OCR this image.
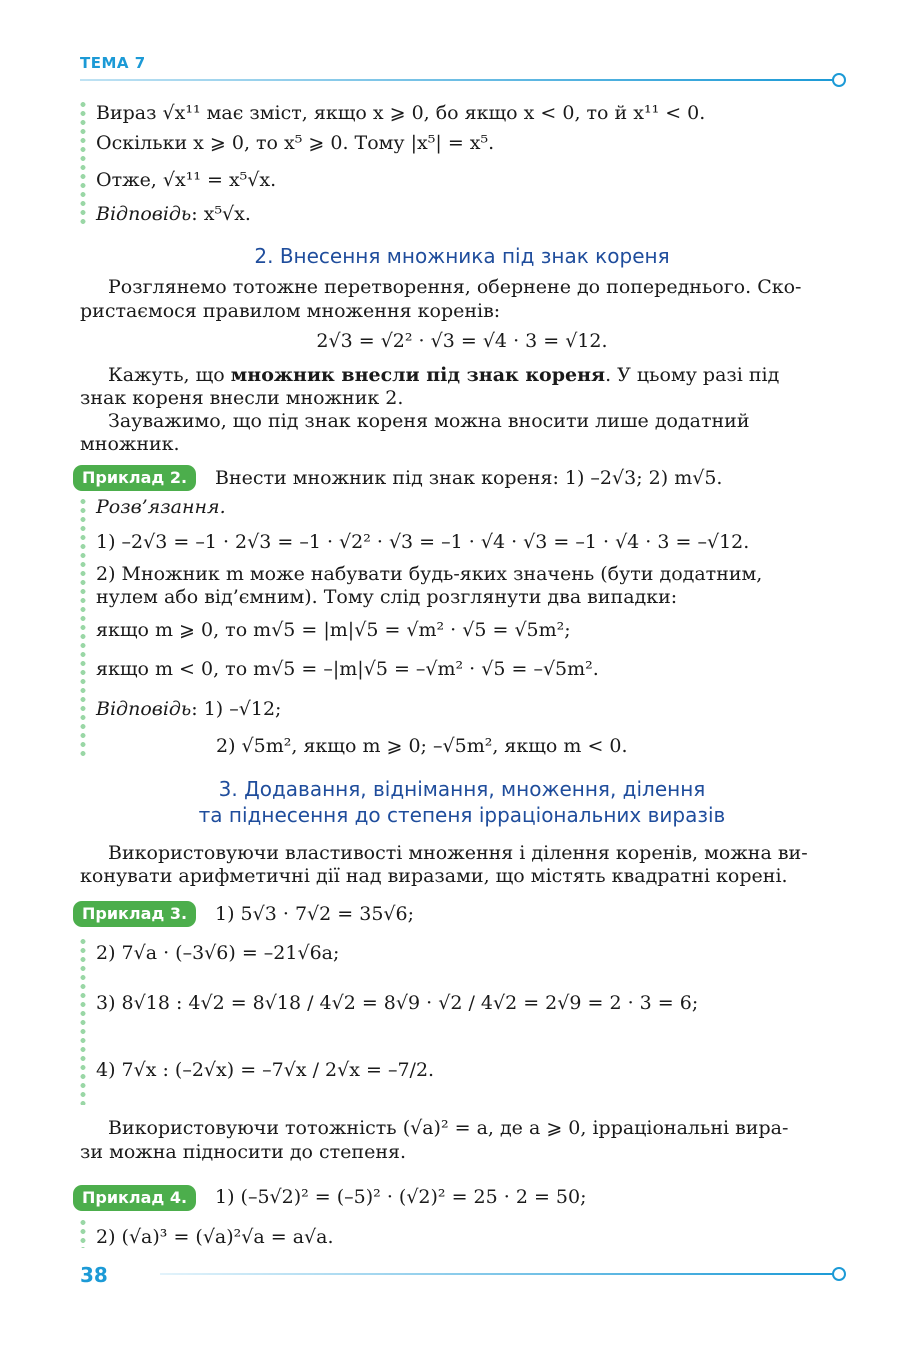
ТЕМА 7
Вираз √x¹¹ має зміст, якщо x ⩾ 0, бо якщо x < 0, то й x¹¹ < 0.
Оскільки x ⩾ 0, то x⁵ ⩾ 0. Тому |x⁵| = x⁵.
Отже, √x¹¹ = x⁵√x.
Відповідь: x⁵√x.
2. Внесення множника під знак кореня
Розглянемо тотожне перетворення, обернене до попереднього. Ско-
ристаємося правилом множення коренів:
2√3 = √2² · √3 = √4 · 3 = √12.
Кажуть, що множник внесли під знак кореня. У цьому разі під
знак кореня внесли множник 2.
Зауважимо, що під знак кореня можна вносити лише додатний
множник.
Приклад 2.	Внести множник під знак кореня: 1) –2√3; 2) m√5.
Розв’язання.
1) –2√3 = –1 · 2√3 = –1 · √2² · √3 = –1 · √4 · √3 = –1 · √4 · 3 = –√12.
2) Множник m може набувати будь-яких значень (бути додатним,
нулем або від’ємним). Тому слід розглянути два випадки:
якщо m ⩾ 0, то m√5 = |m|√5 = √m² · √5 = √5m²;
якщо m < 0, то m√5 = –|m|√5 = –√m² · √5 = –√5m².
Відповідь: 1) –√12;
2) √5m², якщо m ⩾ 0; –√5m², якщо m < 0.
3. Додавання, віднімання, множення, ділення
та піднесення до степеня ірраціональних виразів
Використовуючи властивості множення і ділення коренів, можна ви-
конувати арифметичні дії над виразами, що містять квадратні корені.
Приклад 3.	1) 5√3 · 7√2 = 35√6;
2) 7√a · (–3√6) = –21√6a;
3) 8√18 : 4√2 = 8√18 / 4√2 = 8√9 · √2 / 4√2 = 2√9 = 2 · 3 = 6;
4) 7√x : (–2√x) = –7√x / 2√x = –7/2.
Використовуючи тотожність (√a)² = a, де a ⩾ 0, ірраціональні вира-
зи можна підносити до степеня.
Приклад 4.	1) (–5√2)² = (–5)² · (√2)² = 25 · 2 = 50;
2) (√a)³ = (√a)²√a = a√a.
38
